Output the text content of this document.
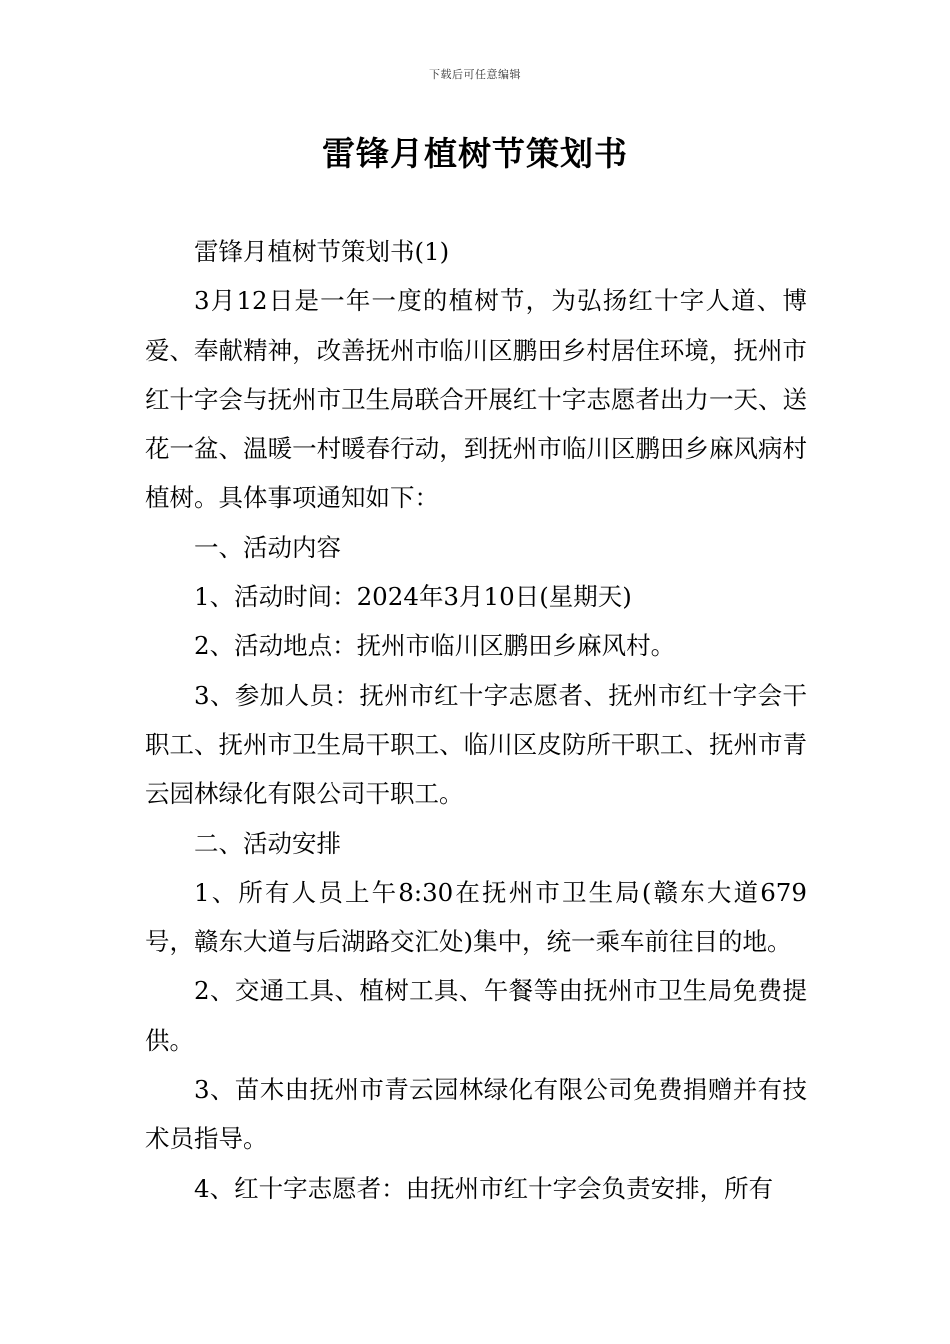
下载后可任意编辑
雷锋月植树节策划书

雷锋月植树节策划书(1)

3月12日是一年一度的植树节，为弘扬红十字人道、博爱、奉献精神，改善抚州市临川区鹏田乡村居住环境，抚州市红十字会与抚州市卫生局联合开展红十字志愿者出力一天、送花一盆、温暖一村暖春行动，到抚州市临川区鹏田乡麻风病村植树。具体事项通知如下：

一、活动内容

1、活动时间：2024年3月10日(星期天)

2、活动地点：抚州市临川区鹏田乡麻风村。

3、参加人员：抚州市红十字志愿者、抚州市红十字会干职工、抚州市卫生局干职工、临川区皮防所干职工、抚州市青云园林绿化有限公司干职工。

二、活动安排

1、所有人员上午8:30在抚州市卫生局(赣东大道679号，赣东大道与后湖路交汇处)集中，统一乘车前往目的地。

2、交通工具、植树工具、午餐等由抚州市卫生局免费提供。

3、苗木由抚州市青云园林绿化有限公司免费捐赠并有技术员指导。

4、红十字志愿者：由抚州市红十字会负责安排，所有
